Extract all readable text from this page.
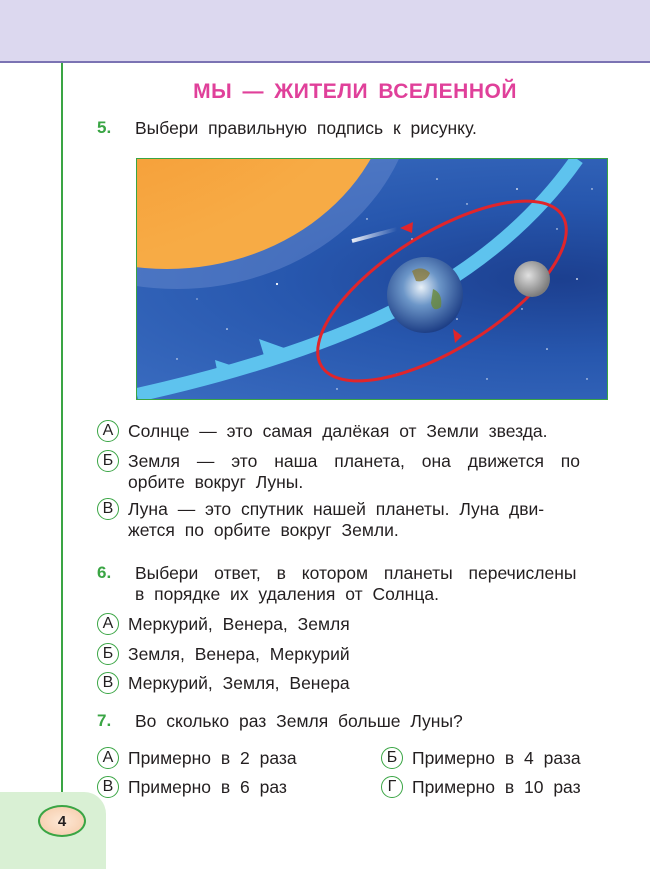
4
МЫ — ЖИТЕЛИ ВСЕЛЕННОЙ
5. Выбери правильную подпись к рисунку.
А Солнце — это самая далёкая от Земли звезда.
Б Земля — это наша планета, она движется по
орбите вокруг Луны.
В Луна — это спутник нашей планеты. Луна дви-
жется по орбите вокруг Земли.
6. Выбери ответ, в котором планеты перечислены
в порядке их удаления от Солнца.
А Меркурий, Венера, Земля
Б Земля, Венера, Меркурий
В Меркурий, Земля, Венера
7. Во сколько раз Земля больше Луны?
А Примерно в 2 раза	Б Примерно в 4 раза
В Примерно в 6 раз	Г Примерно в 10 раз
